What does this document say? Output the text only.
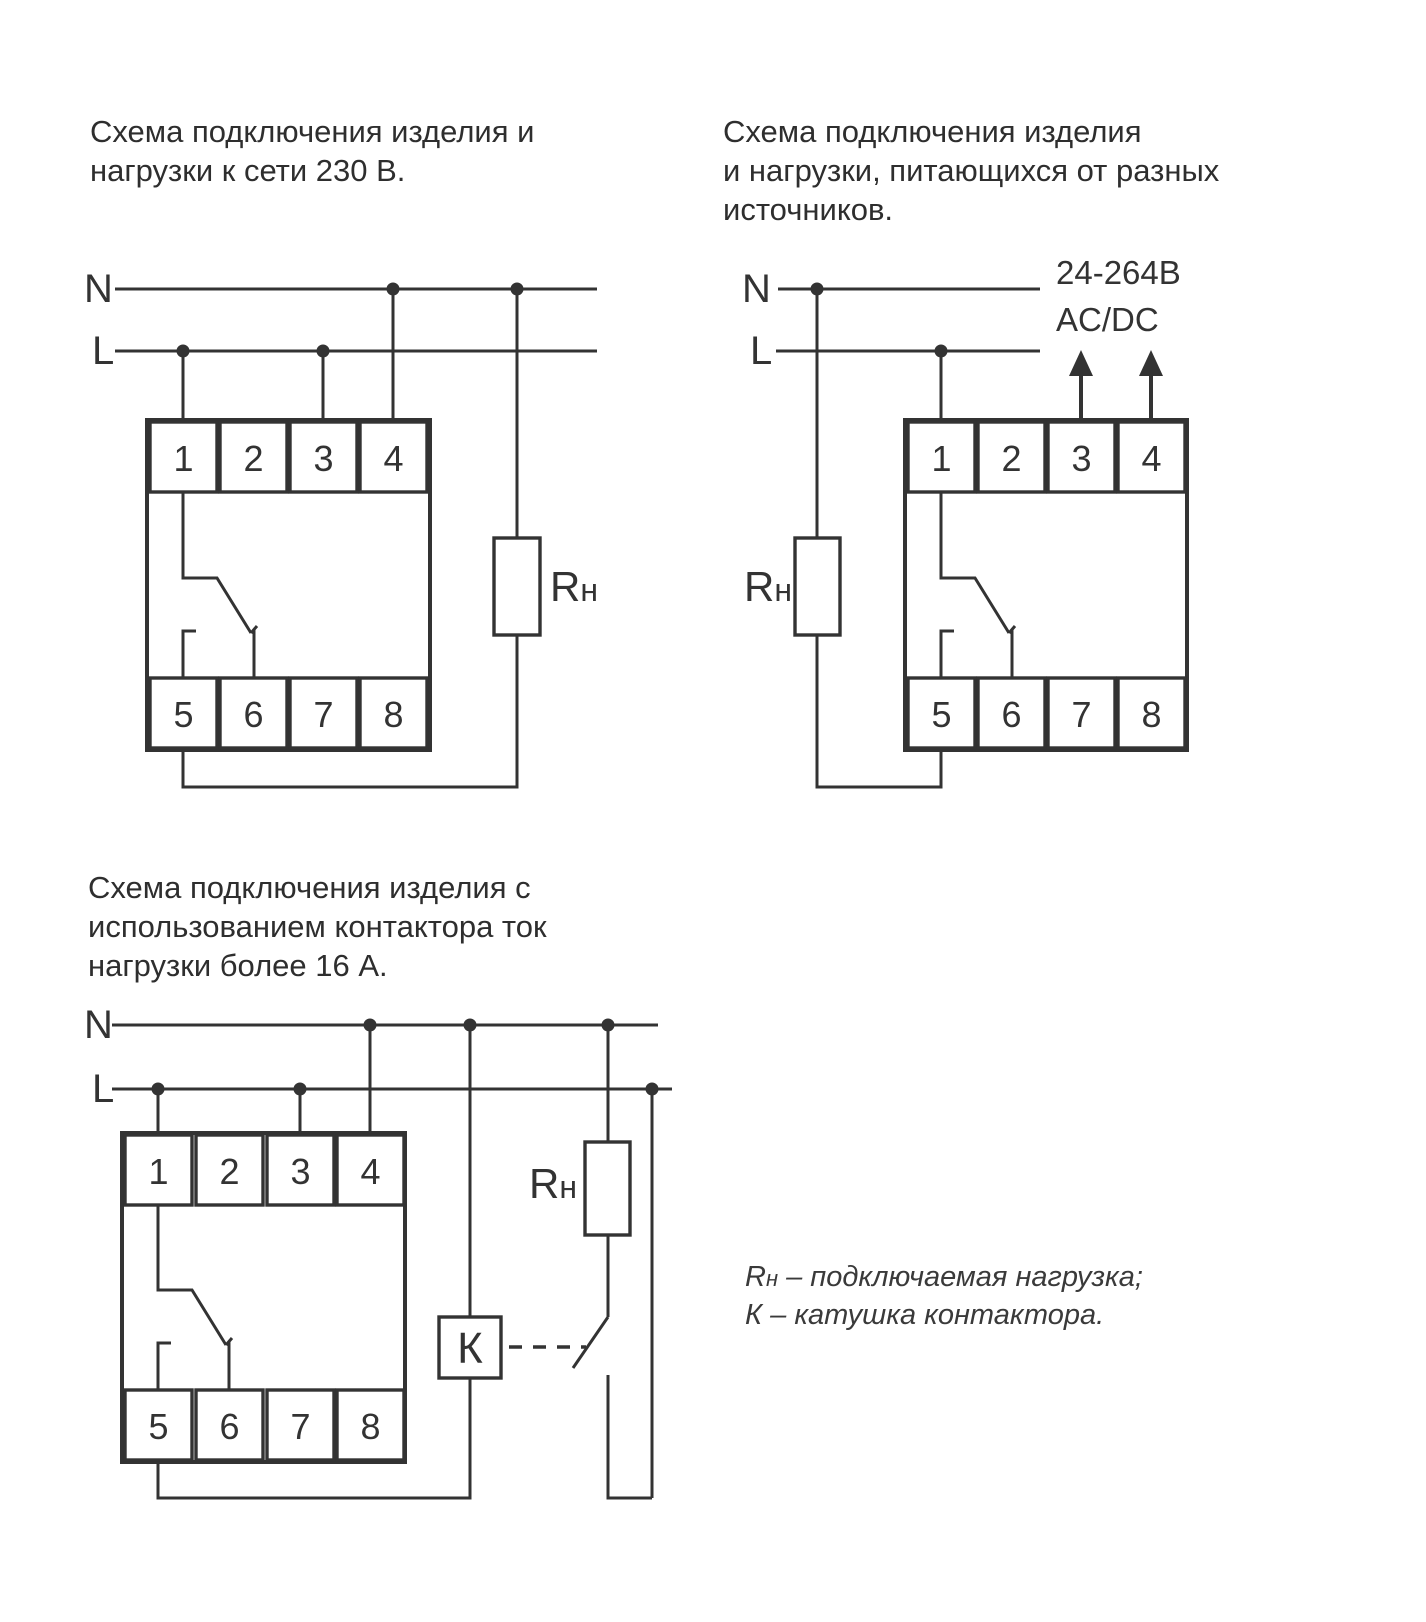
Схема подключения изделия и
нагрузки к сети 230 В.
Схема подключения изделия
и нагрузки, питающихся от разных
источников.
Схема подключения изделия с
использованием контактора ток
нагрузки более 16 А.
Rн – подключаемая нагрузка;
К – катушка контактора.
N
L
1 2 3 4
5 6 7 8
Rн
N
L
24-264В
AC/DC
1 2 3 4
5 6 7 8
Rн
N
L
1 2 3 4
5 6 7 8
К
Rн
